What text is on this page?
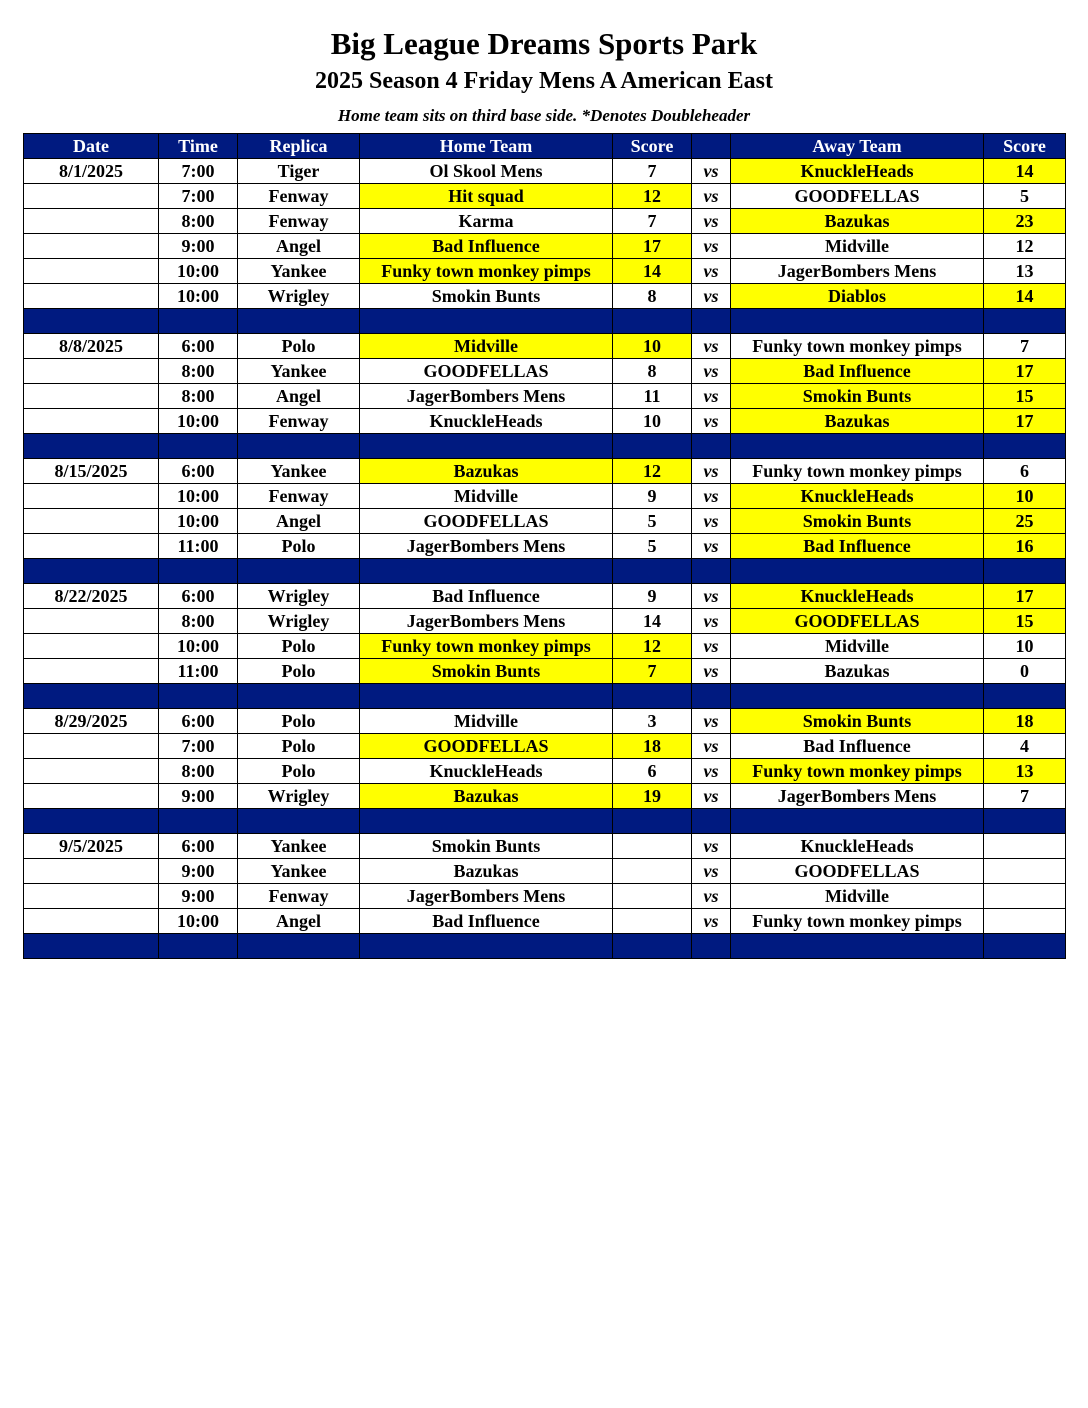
Big League Dreams Sports Park
2025 Season 4 Friday Mens A American East
Home team sits on third base side. *Denotes Doubleheader
Date	Time	Replica	Home Team	Score		Away Team	Score
8/1/2025	7:00	Tiger	Ol Skool Mens	7	vs	KnuckleHeads	14
	7:00	Fenway	Hit squad	12	vs	GOODFELLAS	5
	8:00	Fenway	Karma	7	vs	Bazukas	23
	9:00	Angel	Bad Influence	17	vs	Midville	12
	10:00	Yankee	Funky town monkey pimps	14	vs	JagerBombers Mens	13
	10:00	Wrigley	Smokin Bunts	8	vs	Diablos	14

8/8/2025	6:00	Polo	Midville	10	vs	Funky town monkey pimps	7
	8:00	Yankee	GOODFELLAS	8	vs	Bad Influence	17
	8:00	Angel	JagerBombers Mens	11	vs	Smokin Bunts	15
	10:00	Fenway	KnuckleHeads	10	vs	Bazukas	17

8/15/2025	6:00	Yankee	Bazukas	12	vs	Funky town monkey pimps	6
	10:00	Fenway	Midville	9	vs	KnuckleHeads	10
	10:00	Angel	GOODFELLAS	5	vs	Smokin Bunts	25
	11:00	Polo	JagerBombers Mens	5	vs	Bad Influence	16

8/22/2025	6:00	Wrigley	Bad Influence	9	vs	KnuckleHeads	17
	8:00	Wrigley	JagerBombers Mens	14	vs	GOODFELLAS	15
	10:00	Polo	Funky town monkey pimps	12	vs	Midville	10
	11:00	Polo	Smokin Bunts	7	vs	Bazukas	0

8/29/2025	6:00	Polo	Midville	3	vs	Smokin Bunts	18
	7:00	Polo	GOODFELLAS	18	vs	Bad Influence	4
	8:00	Polo	KnuckleHeads	6	vs	Funky town monkey pimps	13
	9:00	Wrigley	Bazukas	19	vs	JagerBombers Mens	7

9/5/2025	6:00	Yankee	Smokin Bunts		vs	KnuckleHeads	
	9:00	Yankee	Bazukas		vs	GOODFELLAS	
	9:00	Fenway	JagerBombers Mens		vs	Midville	
	10:00	Angel	Bad Influence		vs	Funky town monkey pimps	
